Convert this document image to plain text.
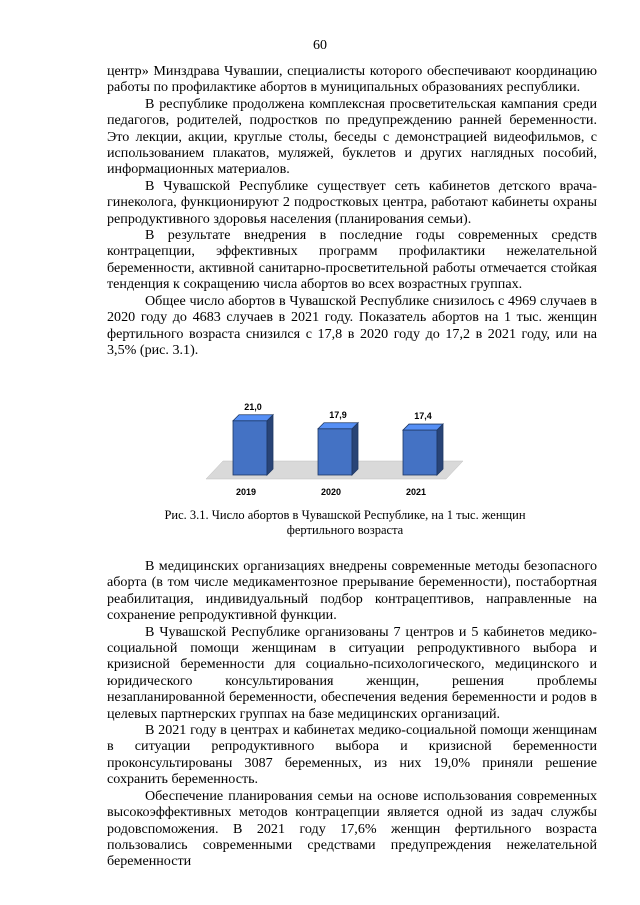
60

центр» Минздрава Чувашии, специалисты которого обеспечивают координацию работы по профилактике абортов в муниципальных образованиях республики.

В республике продолжена комплексная просветительская кампания среди педагогов, родителей, подростков по предупреждению ранней беременности. Это лекции, акции, круглые столы, беседы с демонстрацией видеофильмов, с использованием плакатов, муляжей, буклетов и других наглядных пособий, информационных материалов.

В Чувашской Республике существует сеть кабинетов детского врача-гинеколога, функционируют 2 подростковых центра, работают кабинеты охраны репродуктивного здоровья населения (планирования семьи).

В результате внедрения в последние годы современных средств контрацепции, эффективных программ профилактики нежелательной беременности, активной санитарно-просветительной работы отмечается стойкая тенденция к сокращению числа абортов во всех возрастных группах.

Общее число абортов в Чувашской Республике снизилось с 4969 случаев в 2020 году до 4683 случаев в 2021 году. Показатель абортов на 1 тыс. женщин фертильного возраста снизился с 17,8 в 2020 году до 17,2 в 2021 году, или на 3,5% (рис. 3.1).

21,0
2019
17,9
2020
17,4
2021
Рис. 3.1. Число абортов в Чувашской Республике, на 1 тыс. женщин фертильного возраста

В медицинских организациях внедрены современные методы безопасного аборта (в том числе медикаментозное прерывание беременности), постабортная реабилитация, индивидуальный подбор контрацептивов, направленные на сохранение репродуктивной функции.

В Чувашской Республике организованы 7 центров и 5 кабинетов медико-социальной помощи женщинам в ситуации репродуктивного выбора и кризисной беременности для социально-психологического, медицинского и юридического консультирования женщин, решения проблемы незапланированной беременности, обеспечения ведения беременности и родов в целевых партнерских группах на базе медицинских организаций.

В 2021 году в центрах и кабинетах медико-социальной помощи женщинам в ситуации репродуктивного выбора и кризисной беременности проконсультированы 3087 беременных, из них 19,0% приняли решение сохранить беременность.

Обеспечение планирования семьи на основе использования современных высокоэффективных методов контрацепции является одной из задач службы родовспоможения. В 2021 году 17,6% женщин фертильного возраста пользовались современными средствами предупреждения нежелательной беременности
